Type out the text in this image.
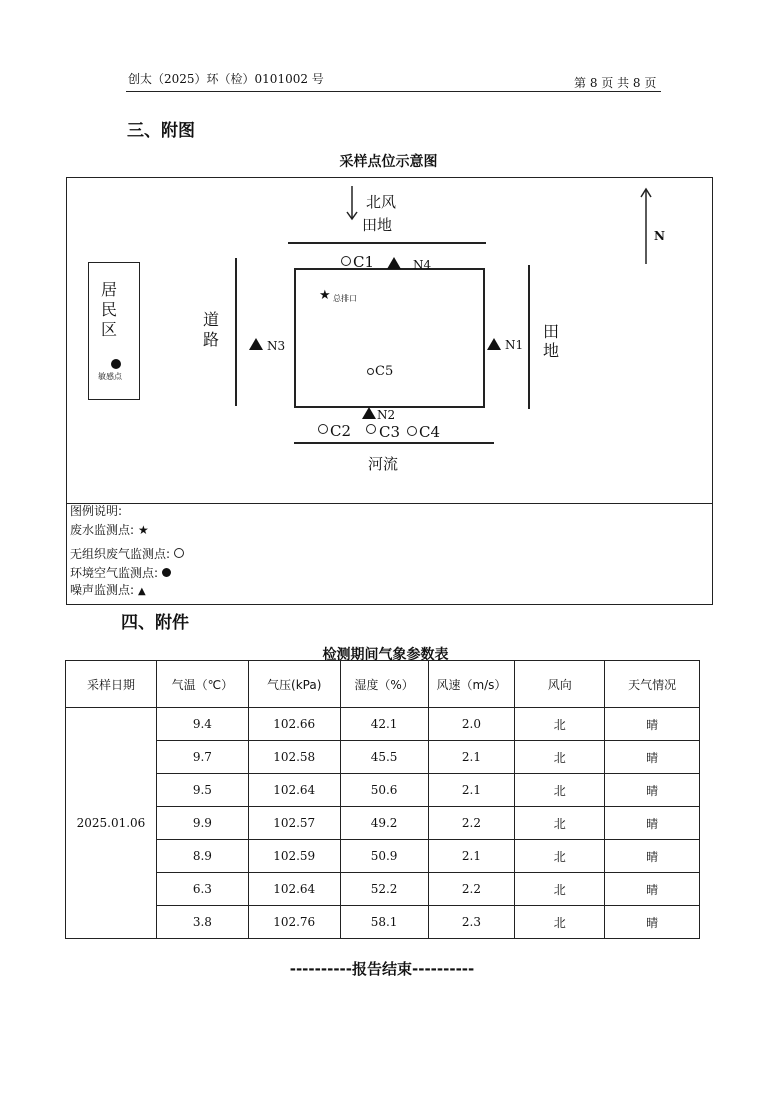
创太（2025）环（检）0101002 号	第 8 页 共 8 页
三、附图
采样点位示意图
北风
N
田地
居民区
敏感点
道路	田地
★ 总排口
C1	N4
N3	N1
C5
N2
C2 C3 C4
河流
图例说明:
废水监测点: ★
无组织废气监测点:
环境空气监测点:
噪声监测点: ▲
四、附件
检测期间气象参数表
采样日期	气温（℃）	气压(kPa)	湿度（%）	风速（m/s）	风向	天气情况
2025.01.06	9.4	102.66	42.1	2.0	北	晴
	9.7	102.58	45.5	2.1	北	晴
	9.5	102.64	50.6	2.1	北	晴
	9.9	102.57	49.2	2.2	北	晴
	8.9	102.59	50.9	2.1	北	晴
	6.3	102.64	52.2	2.2	北	晴
	3.8	102.76	58.1	2.3	北	晴
----------报告结束----------
